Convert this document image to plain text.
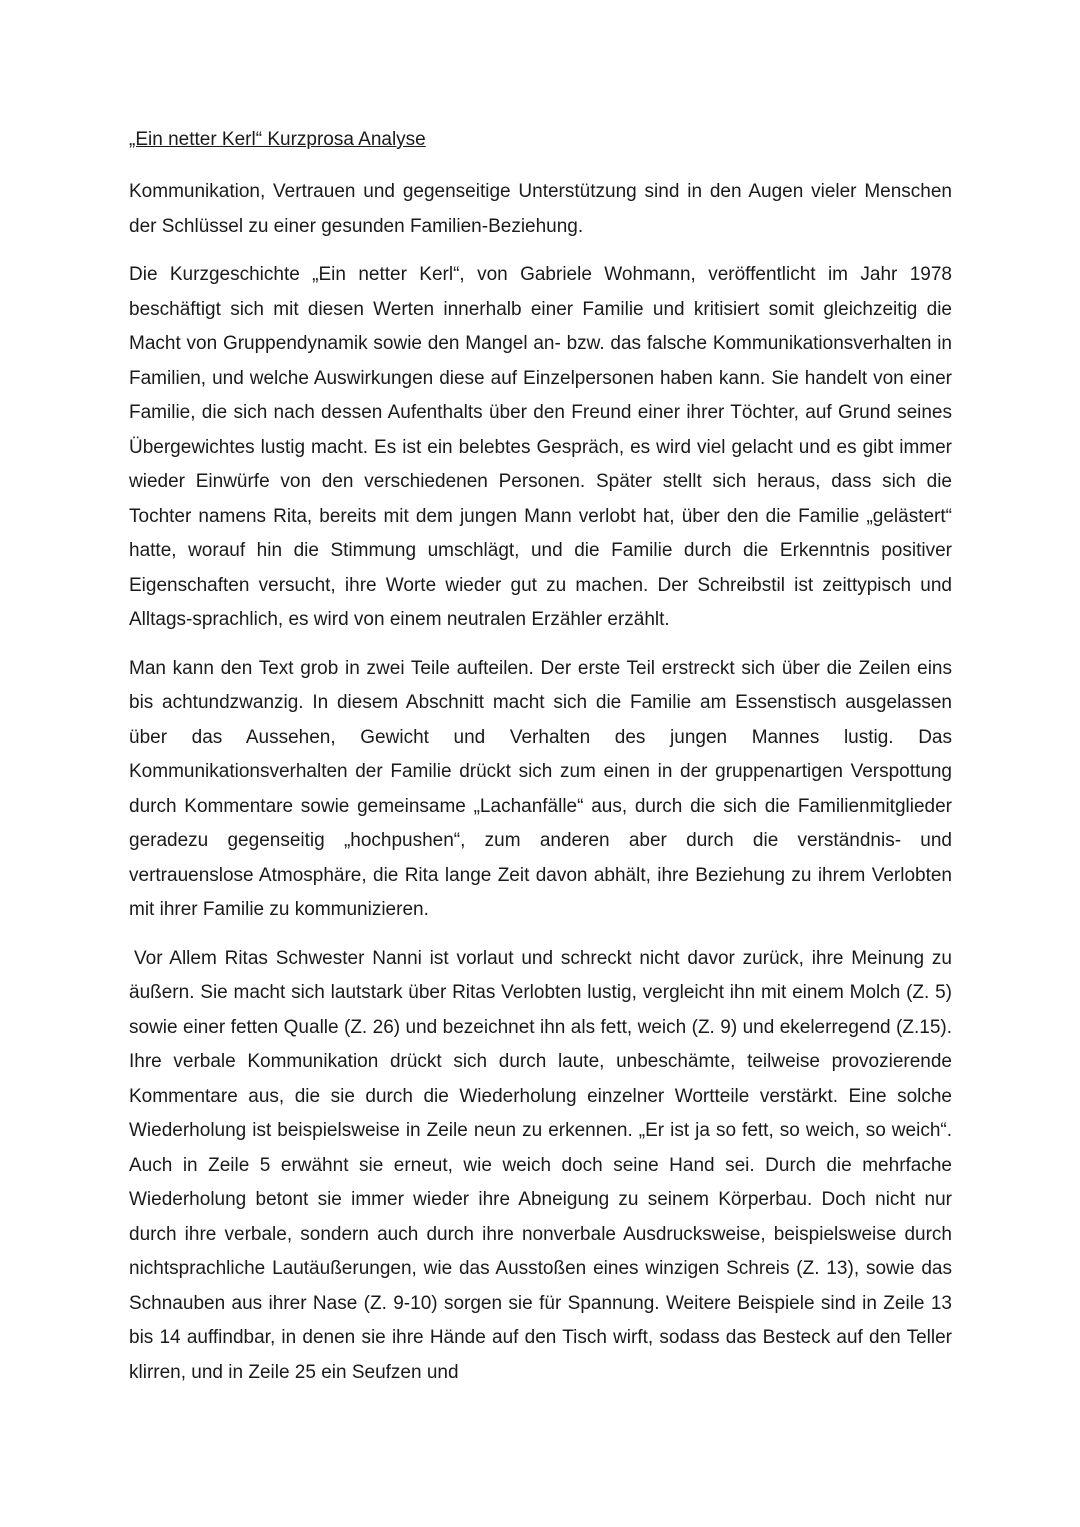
„Ein netter Kerl“ Kurzprosa Analyse

Kommunikation, Vertrauen und gegenseitige Unterstützung sind in den Augen vieler Menschen der Schlüssel zu einer gesunden Familien-Beziehung.

Die Kurzgeschichte „Ein netter Kerl“, von Gabriele Wohmann, veröffentlicht im Jahr 1978 beschäftigt sich mit diesen Werten innerhalb einer Familie und kritisiert somit gleichzeitig die Macht von Gruppendynamik sowie den Mangel an- bzw. das falsche Kommunikationsverhalten in Familien, und welche Auswirkungen diese auf Einzelpersonen haben kann. Sie handelt von einer Familie, die sich nach dessen Aufenthalts über den Freund einer ihrer Töchter, auf Grund seines Übergewichtes lustig macht. Es ist ein belebtes Gespräch, es wird viel gelacht und es gibt immer wieder Einwürfe von den verschiedenen Personen. Später stellt sich heraus, dass sich die Tochter namens Rita, bereits mit dem jungen Mann verlobt hat, über den die Familie „gelästert“ hatte, worauf hin die Stimmung umschlägt, und die Familie durch die Erkenntnis positiver Eigenschaften versucht, ihre Worte wieder gut zu machen. Der Schreibstil ist zeittypisch und Alltags-sprachlich, es wird von einem neutralen Erzähler erzählt.

Man kann den Text grob in zwei Teile aufteilen. Der erste Teil erstreckt sich über die Zeilen eins bis achtundzwanzig. In diesem Abschnitt macht sich die Familie am Essenstisch ausgelassen über das Aussehen, Gewicht und Verhalten des jungen Mannes lustig. Das Kommunikationsverhalten der Familie drückt sich zum einen in der gruppenartigen Verspottung durch Kommentare sowie gemeinsame „Lachanfälle“ aus, durch die sich die Familienmitglieder geradezu gegenseitig „hochpushen“, zum anderen aber durch die verständnis- und vertrauenslose Atmosphäre, die Rita lange Zeit davon abhält, ihre Beziehung zu ihrem Verlobten mit ihrer Familie zu kommunizieren.

Vor Allem Ritas Schwester Nanni ist vorlaut und schreckt nicht davor zurück, ihre Meinung zu äußern. Sie macht sich lautstark über Ritas Verlobten lustig, vergleicht ihn mit einem Molch (Z. 5) sowie einer fetten Qualle (Z. 26) und bezeichnet ihn als fett, weich (Z. 9) und ekelerregend (Z.15). Ihre verbale Kommunikation drückt sich durch laute, unbeschämte, teilweise provozierende Kommentare aus, die sie durch die Wiederholung einzelner Wortteile verstärkt. Eine solche Wiederholung ist beispielsweise in Zeile neun zu erkennen. „Er ist ja so fett, so weich, so weich“. Auch in Zeile 5 erwähnt sie erneut, wie weich doch seine Hand sei. Durch die mehrfache Wiederholung betont sie immer wieder ihre Abneigung zu seinem Körperbau. Doch nicht nur durch ihre verbale, sondern auch durch ihre nonverbale Ausdrucksweise, beispielsweise durch nichtsprachliche Lautäußerungen, wie das Ausstoßen eines winzigen Schreis (Z. 13), sowie das Schnauben aus ihrer Nase (Z. 9-10) sorgen sie für Spannung. Weitere Beispiele sind in Zeile 13 bis 14 auffindbar, in denen sie ihre Hände auf den Tisch wirft, sodass das Besteck auf den Teller klirren, und in Zeile 25 ein Seufzen und
